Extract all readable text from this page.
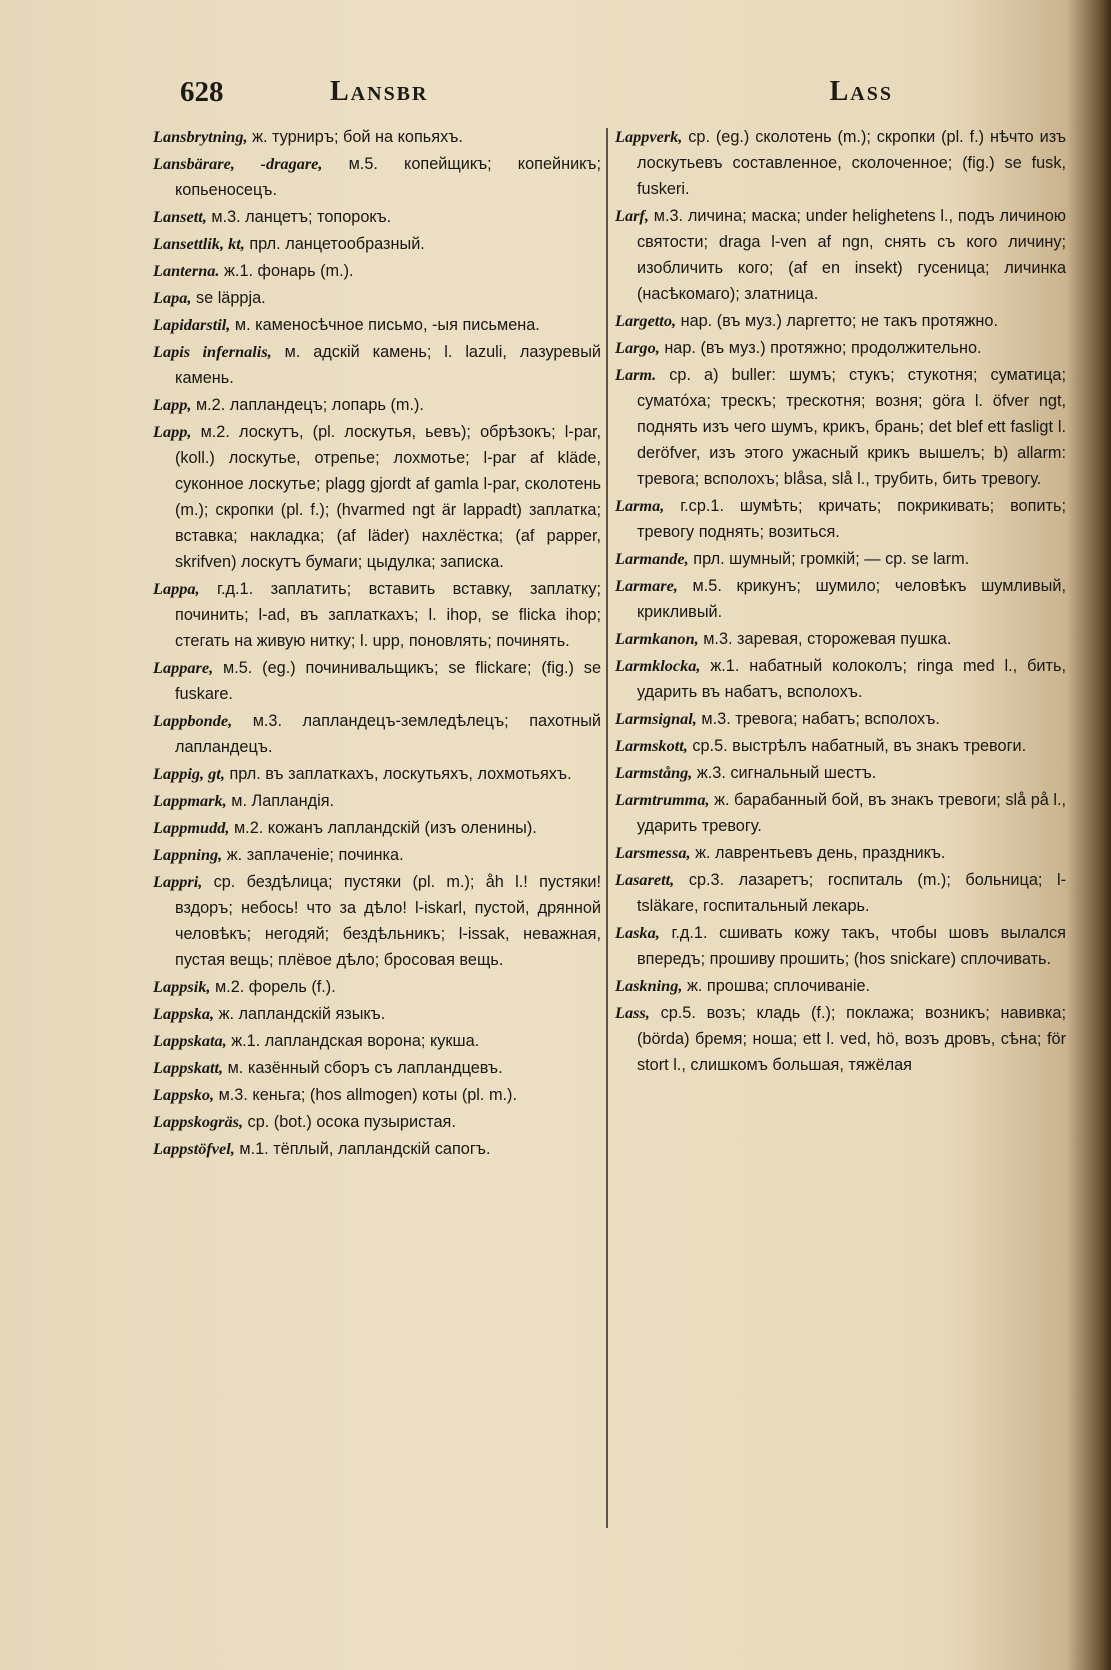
628	Lansbr	Lass
Lansbrytning, ж. турниръ; бой на копьяхъ.
Lansbärare, -dragare, м.5. копейщикъ; копейникъ; копьеносецъ.
Lansett, м.3. ланцетъ; топорокъ.
Lansettlik, kt, прл. ланцетообразный.
Lanterna. ж.1. фонарь (m.).
Lapa, se läppja.
Lapidarstil, м. каменосѣчное письмо, -ыя письмена.
Lapis infernalis, м. адскій камень; l. lazuli, лазуревый камень.
Lapp, м.2. лапландецъ; лопарь (m.).
Lapp, м.2. лоскутъ, (pl. лоскутья, ьевъ); обрѣзокъ; l-par, (koll.) лоскутье, отрепье; лохмотье; l-par af kläde, суконное лоскутье; plagg gjordt af gamla l-par, сколотень (m.); скропки (pl. f.); (hvarmed ngt är lappadt) заплатка; вставка; накладка; (af läder) нахлёстка; (af papper, skrifven) лоскутъ бумаги; цыдулка; записка.
Lappa, г.д.1. заплатить; вставить вставку, заплатку; починить; l-ad, въ заплаткахъ; l. ihop, se flicka ihop; стегать на живую нитку; l. upp, поновлять; починять.
Lappare, м.5. (eg.) починивальщикъ; se flickare; (fig.) se fuskare.
Lappbonde, м.3. лапландецъ-земледѣлецъ; пахотный лапландецъ.
Lappig, gt, прл. въ заплаткахъ, лоскутьяхъ, лохмотьяхъ.
Lappmark, м. Лапландія.
Lappmudd, м.2. кожанъ лапландскій (изъ оленины).
Lappning, ж. заплаченіе; починка.
Lappri, ср. бездѣлица; пустяки (pl. m.); åh l.! пустяки! вздоръ; небось! что за дѣло! l-iskarl, пустой, дрянной человѣкъ; негодяй; бездѣльникъ; l-issak, неважная, пустая вещь; плёвое дѣло; бросовая вещь.
Lappsik, м.2. форель (f.).
Lappska, ж. лапландскій языкъ.
Lappskata, ж.1. лапландская ворона; кукша.
Lappskatt, м. казённый сборъ съ лапландцевъ.
Lappsko, м.3. кеньга; (hos allmogen) коты (pl. m.).
Lappskogräs, ср. (bot.) осока пузыристая.
Lappstöfvel, м.1. тёплый, лапландскій сапогъ.
Lappverk, ср. (eg.) сколотень (m.); скропки (pl. f.) нѣчто изъ лоскутьевъ составленное, сколоченное; (fig.) se fusk, fuskeri.
Larf, м.3. личина; маска; under helighetens l., подъ личиною святости; draga l-ven af ngn, снять съ кого личину; изобличить кого; (af en insekt) гусеница; личинка (насѣкомаго); златница.
Largetto, нар. (въ муз.) ларгетто; не такъ протяжно.
Largo, нар. (въ муз.) протяжно; продолжительно.
Larm. ср. a) buller: шумъ; стукъ; стукотня; суматица; сумато́ха; трескъ; трескотня; возня; göra l. öfver ngt, поднять изъ чего шумъ, крикъ, брань; det blef ett fasligt l. deröfver, изъ этого ужасный крикъ вышелъ; b) allarm: тревога; всполохъ; blåsa, slå l., трубить, бить тревогу.
Larma, г.ср.1. шумѣть; кричать; покрикивать; вопить; тревогу поднять; возиться.
Larmande, прл. шумный; громкій; — ср. se larm.
Larmare, м.5. крикунъ; шумило; человѣкъ шумливый, крикливый.
Larmkanon, м.3. заревая, сторожевая пушка.
Larmklocka, ж.1. набатный колоколъ; ringa med l., бить, ударить въ набатъ, всполохъ.
Larmsignal, м.3. тревога; набатъ; всполохъ.
Larmskott, ср.5. выстрѣлъ набатный, въ знакъ тревоги.
Larmstång, ж.3. сигнальный шестъ.
Larmtrumma, ж. барабанный бой, въ знакъ тревоги; slå på l., ударить тревогу.
Larsmessa, ж. лаврентьевъ день, праздникъ.
Lasarett, ср.3. лазаретъ; госпиталь (m.); больница; l-tsläkare, госпитальный лекарь.
Laska, г.д.1. сшивать кожу такъ, чтобы шовъ вылался впередъ; прошиву прошить; (hos snickare) сплочивать.
Laskning, ж. прошва; сплочиваніе.
Lass, ср.5. возъ; кладь (f.); поклажа; возникъ; навивка; (börda) бремя; ноша; ett l. ved, hö, возъ дровъ, сѣна; för stort l., слишкомъ большая, тяжёлая
